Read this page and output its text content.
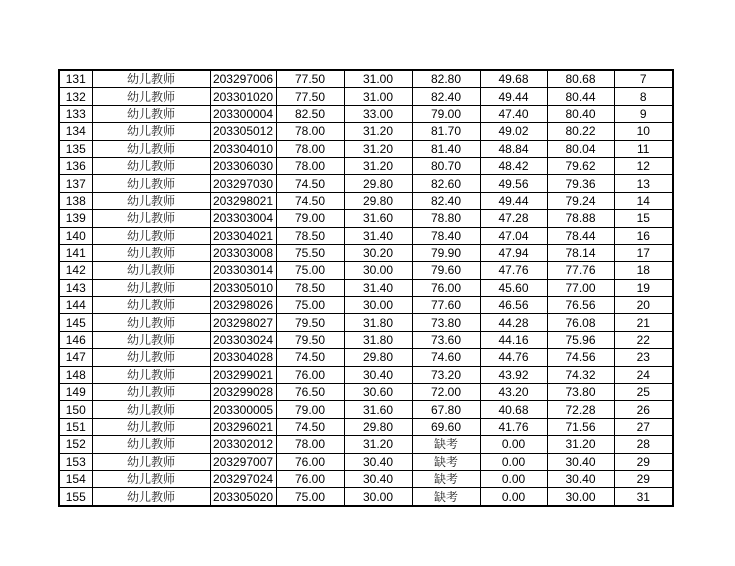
131	幼儿教师	203297006	77.50	31.00	82.80	49.68	80.68	7
132	幼儿教师	203301020	77.50	31.00	82.40	49.44	80.44	8
133	幼儿教师	203300004	82.50	33.00	79.00	47.40	80.40	9
134	幼儿教师	203305012	78.00	31.20	81.70	49.02	80.22	10
135	幼儿教师	203304010	78.00	31.20	81.40	48.84	80.04	11
136	幼儿教师	203306030	78.00	31.20	80.70	48.42	79.62	12
137	幼儿教师	203297030	74.50	29.80	82.60	49.56	79.36	13
138	幼儿教师	203298021	74.50	29.80	82.40	49.44	79.24	14
139	幼儿教师	203303004	79.00	31.60	78.80	47.28	78.88	15
140	幼儿教师	203304021	78.50	31.40	78.40	47.04	78.44	16
141	幼儿教师	203303008	75.50	30.20	79.90	47.94	78.14	17
142	幼儿教师	203303014	75.00	30.00	79.60	47.76	77.76	18
143	幼儿教师	203305010	78.50	31.40	76.00	45.60	77.00	19
144	幼儿教师	203298026	75.00	30.00	77.60	46.56	76.56	20
145	幼儿教师	203298027	79.50	31.80	73.80	44.28	76.08	21
146	幼儿教师	203303024	79.50	31.80	73.60	44.16	75.96	22
147	幼儿教师	203304028	74.50	29.80	74.60	44.76	74.56	23
148	幼儿教师	203299021	76.00	30.40	73.20	43.92	74.32	24
149	幼儿教师	203299028	76.50	30.60	72.00	43.20	73.80	25
150	幼儿教师	203300005	79.00	31.60	67.80	40.68	72.28	26
151	幼儿教师	203296021	74.50	29.80	69.60	41.76	71.56	27
152	幼儿教师	203302012	78.00	31.20	缺考	0.00	31.20	28
153	幼儿教师	203297007	76.00	30.40	缺考	0.00	30.40	29
154	幼儿教师	203297024	76.00	30.40	缺考	0.00	30.40	29
155	幼儿教师	203305020	75.00	30.00	缺考	0.00	30.00	31
